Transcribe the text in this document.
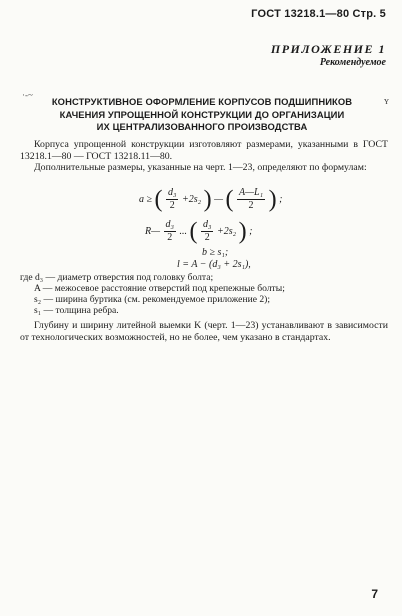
ГОСТ 13218.1—80 Стр. 5
ПРИЛОЖЕНИЕ 1
Рекомендуемое
·-~
ʏ
КОНСТРУКТИВНОЕ ОФОРМЛЕНИЕ КОРПУСОВ ПОДШИПНИКОВ
КАЧЕНИЯ УПРОЩЕННОЙ КОНСТРУКЦИИ ДО ОРГАНИЗАЦИИ
ИХ ЦЕНТРАЛИЗОВАННОГО ПРОИЗВОДСТВА
Корпуса упрощенной конструкции изготовляют размерами, указанными в ГОСТ 13218.1—80 — ГОСТ 13218.11—80.
Дополнительные размеры, указанные на черт. 1—23, определяют по формулам:
a ≥ ( $\frac{\text{d₃}}{2} +2s_2$ ) — ( $\frac{\text{A—L₁}}{2}$ ) ;
R— $\frac{\text{d₃}}{2}$ ... ( $\frac{\text{d₃}}{2} +2s_2$ ) ;
b ≥ s₁;
l = A − (d₃ + 2s₁),
где d₃ — диаметр отверстия под головку болта;
A — межосевое расстояние отверстий под крепежные болты;
s₂ — ширина буртика (см. рекомендуемое приложение 2);
s₁ — толщина ребра.
Глубину и ширину литейной выемки K (черт. 1—23) устанавливают в зависимости от технологических возможностей, но не более, чем указано в стандартах.
7
